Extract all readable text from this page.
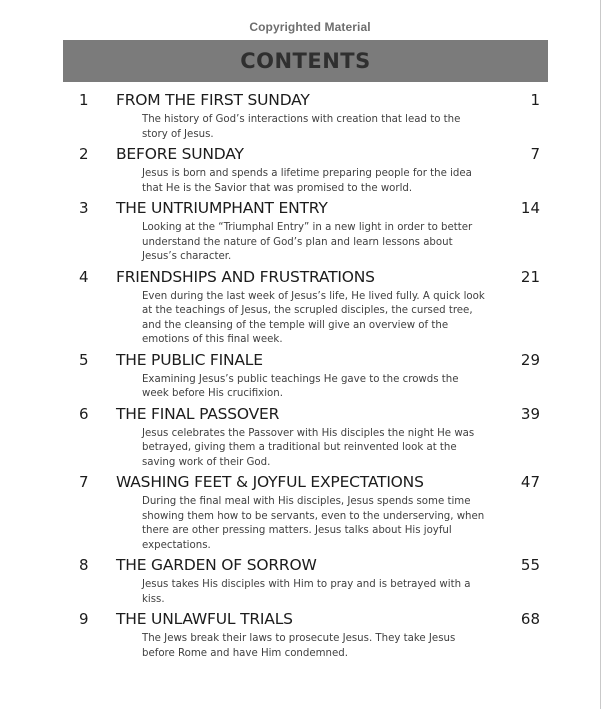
Copyrighted Material
CONTENTS
1	FROM THE FIRST SUNDAY	1
The history of God’s interactions with creation that lead to the story of Jesus.
2	BEFORE SUNDAY	7
Jesus is born and spends a lifetime preparing people for the idea that He is the Savior that was promised to the world.
3	THE UNTRIUMPHANT ENTRY	14
Looking at the “Triumphal Entry” in a new light in order to better understand the nature of God’s plan and learn lessons about Jesus’s character.
4	FRIENDSHIPS AND FRUSTRATIONS	21
Even during the last week of Jesus’s life, He lived fully. A quick look at the teachings of Jesus, the scrupled disciples, the cursed tree, and the cleansing of the temple will give an overview of the emotions of this final week.
5	THE PUBLIC FINALE	29
Examining Jesus’s public teachings He gave to the crowds the week before His crucifixion.
6	THE FINAL PASSOVER	39
Jesus celebrates the Passover with His disciples the night He was betrayed, giving them a traditional but reinvented look at the saving work of their God.
7	WASHING FEET & JOYFUL EXPECTATIONS	47
During the final meal with His disciples, Jesus spends some time showing them how to be servants, even to the underserving, when there are other pressing matters. Jesus talks about His joyful expectations.
8	THE GARDEN OF SORROW	55
Jesus takes His disciples with Him to pray and is betrayed with a kiss.
9	THE UNLAWFUL TRIALS	68
The Jews break their laws to prosecute Jesus. They take Jesus before Rome and have Him condemned.
